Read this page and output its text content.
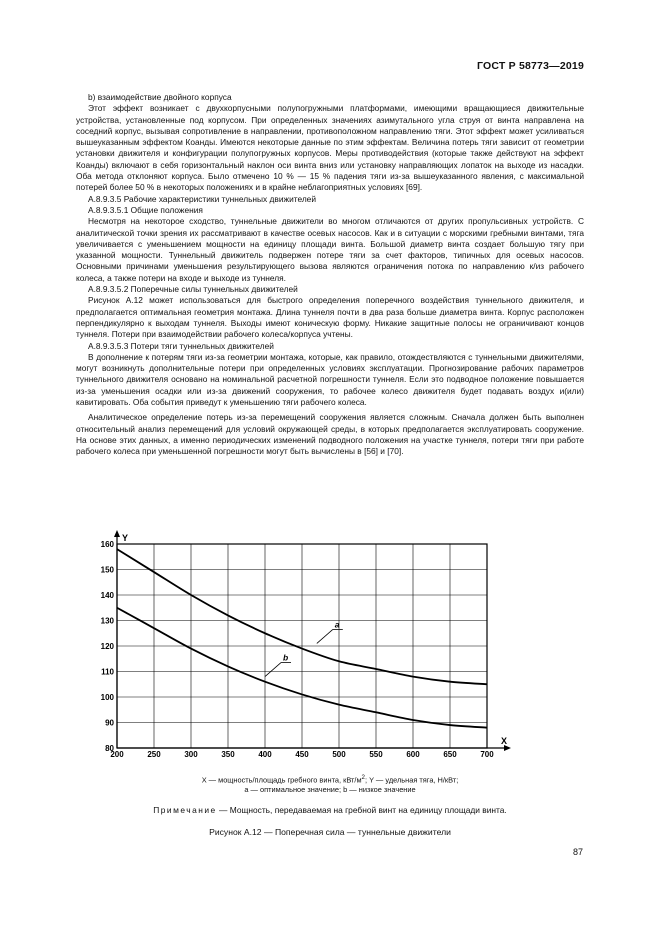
ГОСТ Р 58773—2019

b) взаимодействие двойного корпуса

Этот эффект возникает с двухкорпусными полупогружными платформами, имеющими вращающиеся движительные устройства, установленные под корпусом. При определенных значениях азимутального угла струя от винта направлена на соседний корпус, вызывая сопротивление в направлении, противоположном направлению тяги. Этот эффект может усиливаться вышеуказанным эффектом Коанды. Имеются некоторые данные по этим эффектам. Величина потерь тяги зависит от геометрии установки движителя и конфигурации полупогружных корпусов. Меры противодействия (которые также действуют на эффект Коанды) включают в себя горизонтальный наклон оси винта вниз или установку направляющих лопаток на выходе из насадки. Оба метода отклоняют корпуса. Было отмечено 10 % — 15 % падения тяги из-за вышеуказанного явления, с максимальной потерей более 50 % в некоторых положениях и в крайне неблагоприятных условиях [69].

А.8.9.3.5 Рабочие характеристики туннельных движителей

А.8.9.3.5.1 Общие положения

Несмотря на некоторое сходство, туннельные движители во многом отличаются от других пропульсивных устройств. С аналитической точки зрения их рассматривают в качестве осевых насосов. Как и в ситуации с морскими гребными винтами, тяга увеличивается с уменьшением мощности на единицу площади винта. Большой диаметр винта создает большую тягу при указанной мощности. Туннельный движитель подвержен потере тяги за счет факторов, типичных для осевых насосов. Основными причинами уменьшения результирующего вызова являются ограничения потока по направлению к/из рабочего колеса, а также потери на входе и выходе из туннеля.

А.8.9.3.5.2 Поперечные силы туннельных движителей

Рисунок А.12 может использоваться для быстрого определения поперечного воздействия туннельного движителя, и предполагается оптимальная геометрия монтажа. Длина туннеля почти в два раза больше диаметра винта. Корпус расположен перпендикулярно к выходам туннеля. Выходы имеют коническую форму. Никакие защитные полосы не ограничивают концов туннеля. Потери при взаимодействии рабочего колеса/корпуса учтены.

А.8.9.3.5.3 Потери тяги туннельных движителей

В дополнение к потерям тяги из-за геометрии монтажа, которые, как правило, отождествляются с туннельными движителями, могут возникнуть дополнительные потери при определенных условиях эксплуатации. Прогнозирование рабочих параметров туннельного движителя основано на номинальной расчетной погрешности туннеля. Если это подводное положение повышается из-за уменьшения осадки или из-за движений сооружения, то рабочее колесо движителя будет подавать воздух и(или) кавитировать. Оба события приведут к уменьшению тяги рабочего колеса.

Аналитическое определение потерь из-за перемещений сооружения является сложным. Сначала должен быть выполнен относительный анализ перемещений для условий окружающей среды, в которых предполагается эксплуатировать сооружение. На основе этих данных, а именно периодических изменений подводного положения на участке туннеля, потери тяги при работе рабочего колеса при уменьшенной погрешности могут быть вычислены в [56] и [70].

200	250	300	350	400	450	500	550	600	650	700
80
90
100
110
120
130
140
150
160
X
Y
a
b
X — мощность/площадь гребного винта, кВт/$м^2$; Y — удельная тяга, Н/кВт;
a — оптимальное значение; b — низкое значение
Примечание — Мощность, передаваемая на гребной винт на единицу площади винта.
Рисунок А.12 — Поперечная сила — туннельные движители
87
